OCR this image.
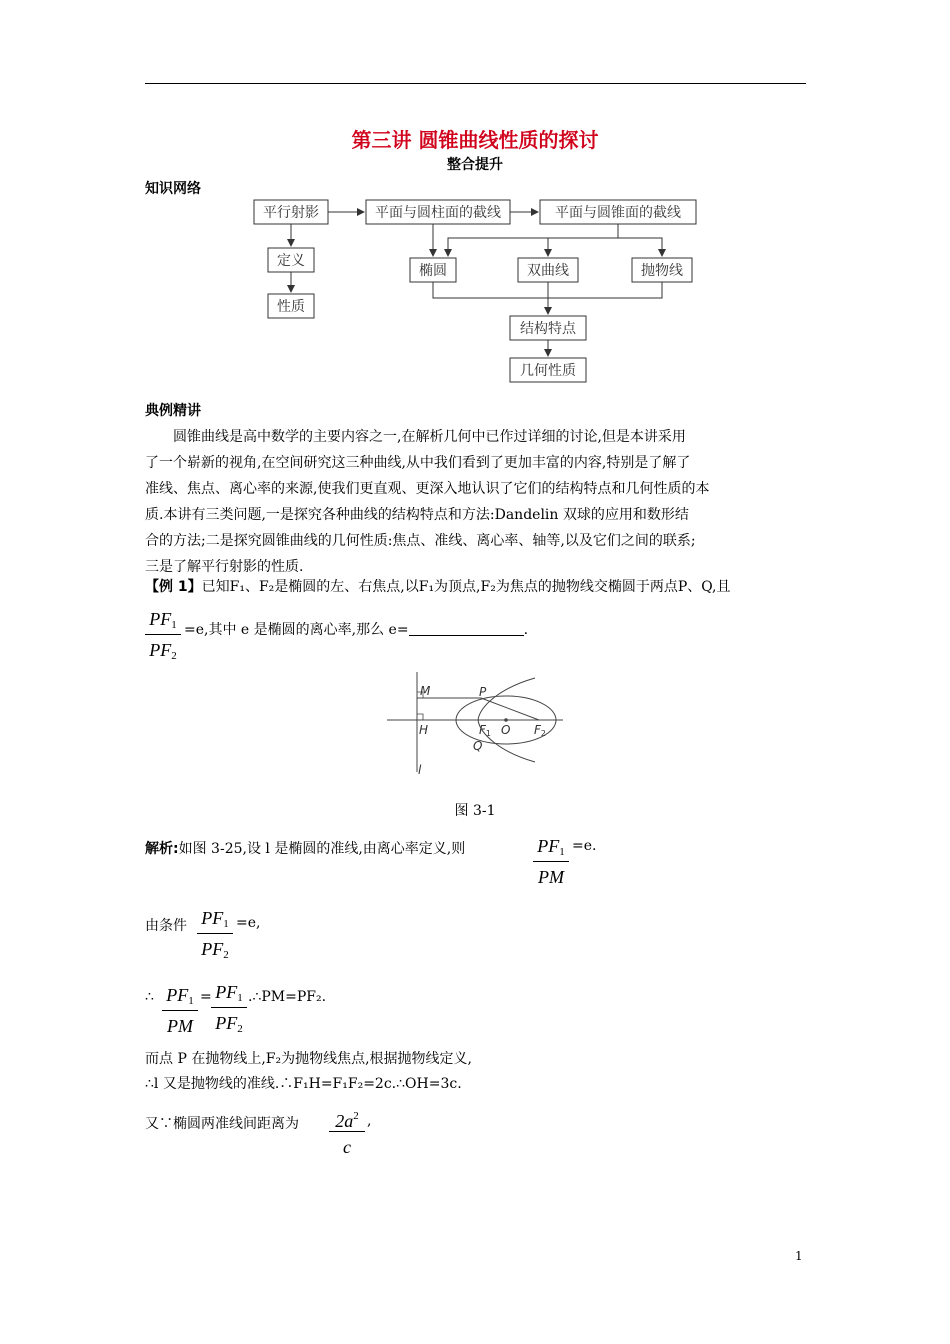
第三讲 圆锥曲线性质的探讨
整合提升
知识网络
平行射影	平面与圆柱面的截线	平面与圆锥面的截线
定义
性质
椭圆	双曲线	抛物线
结构特点
几何性质
典例精讲
圆锥曲线是高中数学的主要内容之一,在解析几何中已作过详细的讨论,但是本讲采用
了一个崭新的视角,在空间研究这三种曲线,从中我们看到了更加丰富的内容,特别是了解了
准线、焦点、离心率的来源,使我们更直观、更深入地认识了它们的结构特点和几何性质的本
质.本讲有三类问题,一是探究各种曲线的结构特点和方法:Dandelin 双球的应用和数形结
合的方法;二是探究圆锥曲线的几何性质:焦点、准线、离心率、轴等,以及它们之间的联系;
三是了解平行射影的性质.
【例 1】已知F₁、F₂是椭圆的左、右焦点,以F₁为顶点,F₂为焦点的抛物线交椭圆于两点P、Q,且
$PF_1$
$PF_2$
=e,其中 e 是椭圆的离心率,那么 e=	.
M	P
H	F1 O F2
Q
l
图 3-1
解析:如图 3-25,设 l 是椭圆的准线,由离心率定义,则	$PF_1$
PM
=e.
由条件 $PF_1$
$PF_2$
=e,
∴ $PF_1$
PM
= $PF_1$
$PF_2$
.∴PM=PF₂.
而点 P 在抛物线上,F₂为抛物线焦点,根据抛物线定义,
∴l 又是抛物线的准线.∴F₁H=F₁F₂=2c.∴OH=3c.
又∵椭圆两准线间距离为	$2a^2$
c
,
1
